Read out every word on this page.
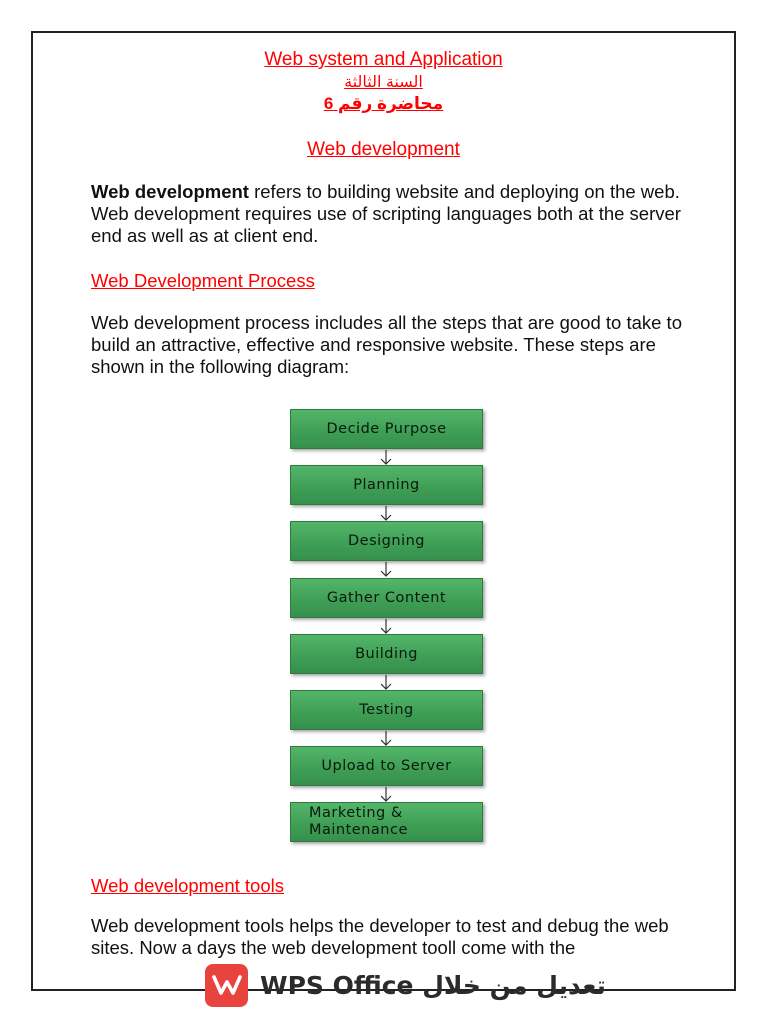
Web system and Application
السنة الثالثة
محاضرة رقم 6
Web development
Web development refers to building website and deploying on the web. Web development requires use of scripting languages both at the server end as well as at client end.
Web Development Process
Web development process includes all the steps that are good to take to build an attractive, effective and responsive website. These steps are shown in the following diagram:
Decide Purpose
Planning
Designing
Gather Content
Building
Testing
Upload to Server
Marketing &
Maintenance
Web development tools
Web development tools helps the developer to test and debug the web sites. Now a days the web development tooll come with the
تعديل من خلال WPS Office
